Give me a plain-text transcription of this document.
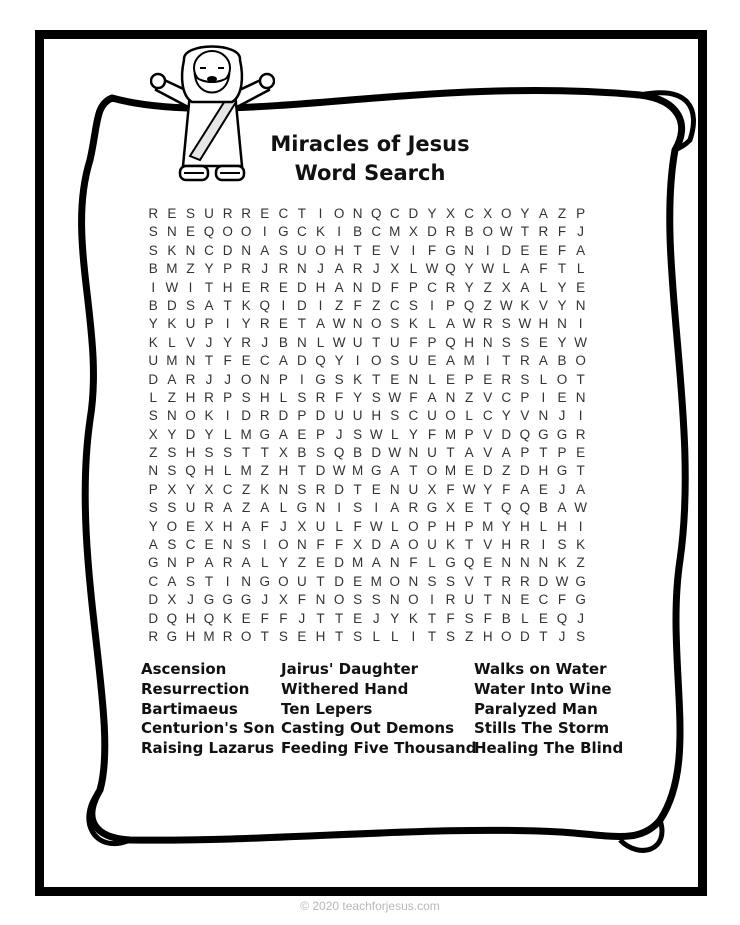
Miracles of Jesus
Word Search
R E S U R R E C T I O N Q C D Y X C X O Y A Z P
S N E Q O O I G C K I B C M X D R B O W T R F J
S K N C D N A S U O H T E V I F G N I D E E F A
B M Z Y P R J R N J A R J X L W Q Y W L A F T L
I W I T H E R E D H A N D F P C R Y Z X A L Y E
B D S A T K Q I D I Z F Z C S I P Q Z W K V Y N
Y K U P I Y R E T A W N O S K L A W R S W H N I
K L V J Y R J B N L W U T U F P Q H N S S E Y W
U M N T F E C A D Q Y I O S U E A M I T R A B O
D A R J J O N P I G S K T E N L E P E R S L O T
L Z H R P S H L S R F Y S W F A N Z V C P I E N
S N O K I D R D P D U U H S C U O L C Y V N J I
X Y D Y L M G A E P J S W L Y F M P V D Q G G R
Z S H S S T T X B S Q B D W N U T A V A P T P E
N S Q H L M Z H T D W M G A T O M E D Z D H G T
P X Y X C Z K N S R D T E N U X F W Y F A E J A
S S U R A Z A L G N I S I A R G X E T Q Q B A W
Y O E X H A F J X U L F W L O P H P M Y H L H I
A S C E N S I O N F F X D A O U K T V H R I S K
G N P A R A L Y Z E D M A N F L G Q E N N N K Z
C A S T I N G O U T D E M O N S S V T R R D W G
D X J G G G J X F N O S S N O I R U T N E C F G
D Q H Q K E F F J T T E J Y K T F S F B L E Q J
R G H M R O T S E H T S L L I T S Z H O D T J S
Ascension
Resurrection
Bartimaeus
Centurion's Son
Raising Lazarus
Jairus' Daughter
Withered Hand
Ten Lepers
Casting Out Demons
Feeding Five Thousand
Walks on Water
Water Into Wine
Paralyzed Man
Stills The Storm
Healing The Blind
© 2020 teachforjesus.com
